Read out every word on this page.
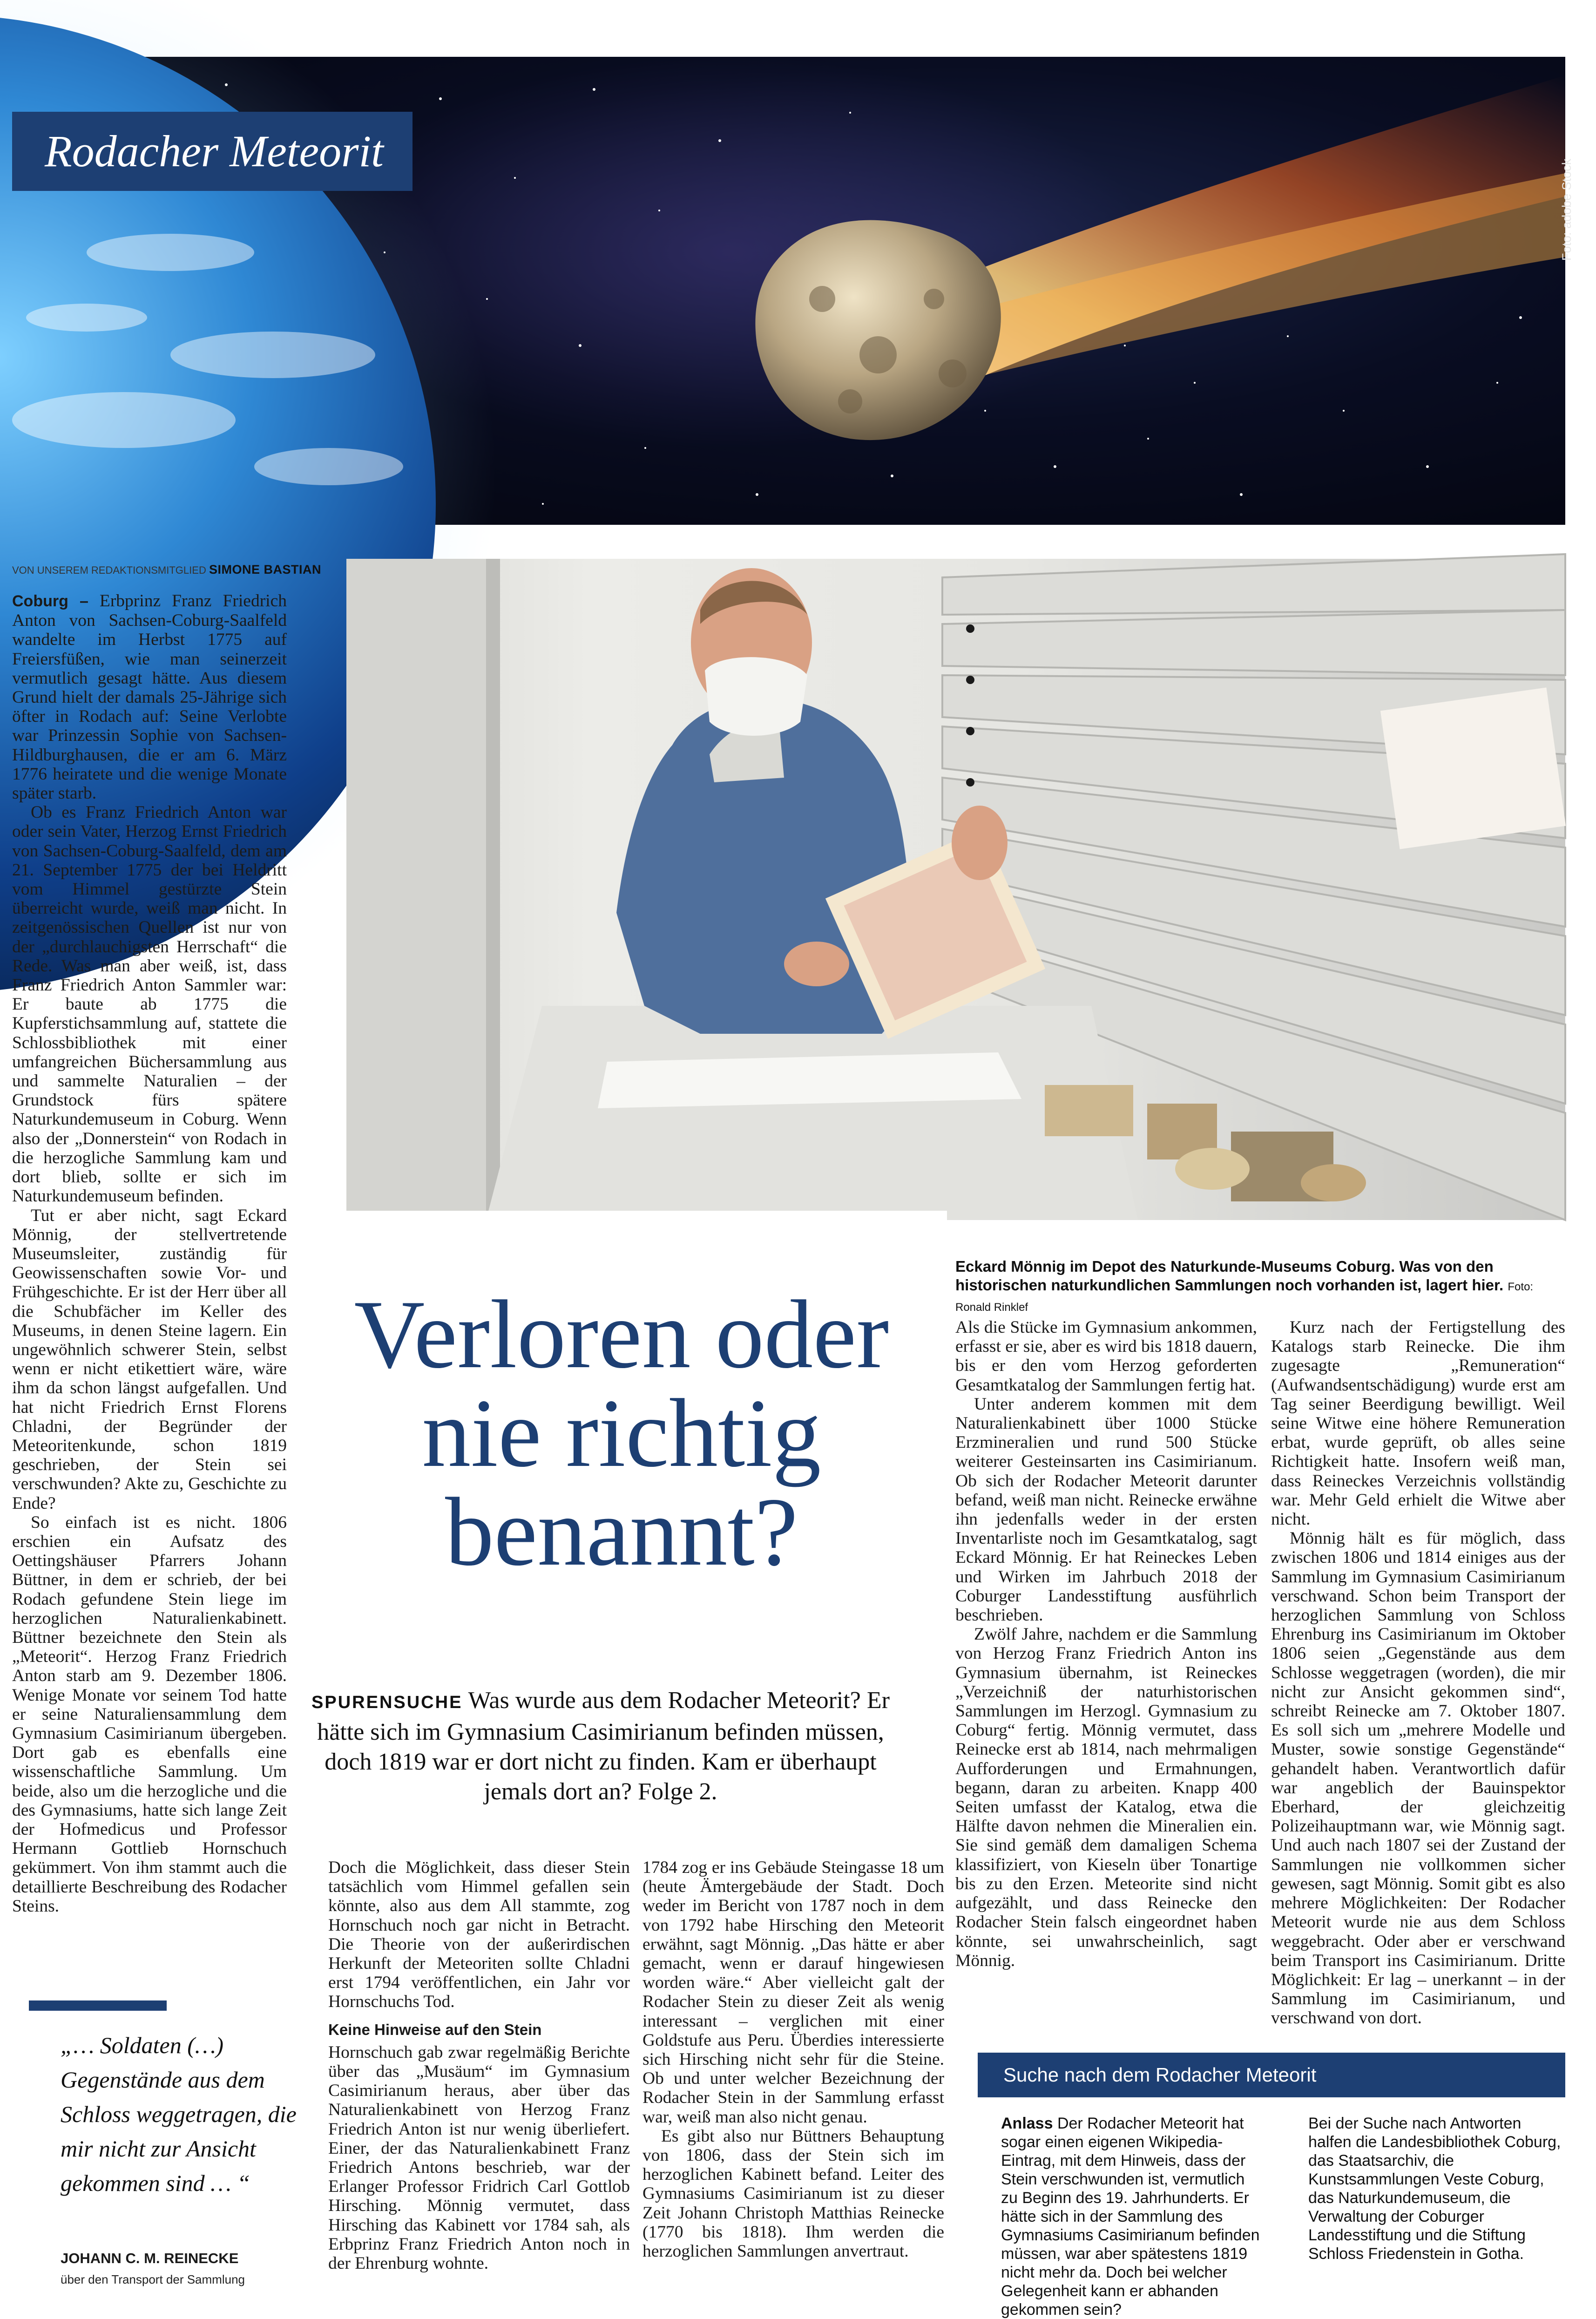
Rodacher Meteorit
Foto: adobe Stock
VON UNSEREM REDAKTIONSMITGLIED SIMONE BASTIAN

Coburg – Erbprinz Franz Friedrich Anton von Sachsen-Coburg-Saalfeld wandelte im Herbst 1775 auf Freiersfüßen, wie man seinerzeit vermutlich gesagt hätte. Aus diesem Grund hielt der damals 25-Jährige sich öfter in Rodach auf: Seine Verlobte war Prinzessin Sophie von Sachsen-Hildburghausen, die er am 6. März 1776 heiratete und die wenige Monate später starb.

Ob es Franz Friedrich Anton war oder sein Vater, Herzog Ernst Friedrich von Sachsen-Coburg-Saalfeld, dem am 21. September 1775 der bei Heldritt vom Himmel gestürzte Stein überreicht wurde, weiß man nicht. In zeitgenössischen Quellen ist nur von der „durchlauchigsten Herrschaft“ die Rede. Was man aber weiß, ist, dass Franz Friedrich Anton Sammler war: Er baute ab 1775 die Kupferstichsammlung auf, stattete die Schlossbibliothek mit einer umfangreichen Büchersammlung aus und sammelte Naturalien – der Grundstock fürs spätere Naturkundemuseum in Coburg. Wenn also der „Donnerstein“ von Rodach in die herzogliche Sammlung kam und dort blieb, sollte er sich im Naturkundemuseum befinden.

Tut er aber nicht, sagt Eckard Mönnig, der stellvertretende Museumsleiter, zuständig für Geowissenschaften sowie Vor- und Frühgeschichte. Er ist der Herr über all die Schubfächer im Keller des Museums, in denen Steine lagern. Ein ungewöhnlich schwerer Stein, selbst wenn er nicht etikettiert wäre, wäre ihm da schon längst aufgefallen. Und hat nicht Friedrich Ernst Florens Chladni, der Begründer der Meteoritenkunde, schon 1819 geschrieben, der Stein sei verschwunden? Akte zu, Geschichte zu Ende?

So einfach ist es nicht. 1806 erschien ein Aufsatz des Oettingshäuser Pfarrers Johann Büttner, in dem er schrieb, der bei Rodach gefundene Stein liege im herzoglichen Naturalienkabinett. Büttner bezeichnete den Stein als „Meteorit“. Herzog Franz Friedrich Anton starb am 9. Dezember 1806. Wenige Monate vor seinem Tod hatte er seine Naturaliensammlung dem Gymnasium Casimirianum übergeben. Dort gab es ebenfalls eine wissenschaftliche Sammlung. Um beide, also um die herzogliche und die des Gymnasiums, hatte sich lange Zeit der Hofmedicus und Professor Hermann Gottlieb Hornschuch gekümmert. Von ihm stammt auch die detaillierte Beschreibung des Rodacher Steins.

Eckard Mönnig im Depot des Naturkunde-Museums Coburg. Was von den historischen naturkundlichen Sammlungen noch vorhanden ist, lagert hier. Foto: Ronald Rinklef
Verloren oder nie richtig benannt?
SPURENSUCHE Was wurde aus dem Rodacher Meteorit? Er hätte sich im Gymnasium Casimirianum befinden müssen, doch 1819 war er dort nicht zu finden. Kam er überhaupt jemals dort an? Folge 2.

Doch die Möglichkeit, dass dieser Stein tatsächlich vom Himmel gefallen sein könnte, also aus dem All stammte, zog Hornschuch noch gar nicht in Betracht. Die Theorie von der außerirdischen Herkunft der Meteoriten sollte Chladni erst 1794 veröffentlichen, ein Jahr vor Hornschuchs Tod.

Keine Hinweise auf den Stein

Hornschuch gab zwar regelmäßig Berichte über das „Musäum“ im Gymnasium Casimirianum heraus, aber über das Naturalienkabinett von Herzog Franz Friedrich Anton ist nur wenig überliefert. Einer, der das Naturalienkabinett Franz Friedrich Antons beschrieb, war der Erlanger Professor Fridrich Carl Gottlob Hirsching. Mönnig vermutet, dass Hirsching das Kabinett vor 1784 sah, als Erbprinz Franz Friedrich Anton noch in der Ehrenburg wohnte.

1784 zog er ins Gebäude Steingasse 18 um (heute Ämtergebäude der Stadt. Doch weder im Bericht von 1787 noch in dem von 1792 habe Hirsching den Meteorit erwähnt, sagt Mönnig. „Das hätte er aber gemacht, wenn er darauf hingewiesen worden wäre.“ Aber vielleicht galt der Rodacher Stein zu dieser Zeit als wenig interessant – verglichen mit einer Goldstufe aus Peru. Überdies interessierte sich Hirsching nicht sehr für die Steine. Ob und unter welcher Bezeichnung der Rodacher Stein in der Sammlung erfasst war, weiß man also nicht genau.

Es gibt also nur Büttners Behauptung von 1806, dass der Stein sich im herzoglichen Kabinett befand. Leiter des Gymnasiums Casimirianum ist zu dieser Zeit Johann Christoph Matthias Reinecke (1770 bis 1818). Ihm werden die herzoglichen Sammlungen anvertraut.

Als die Stücke im Gymnasium ankommen, erfasst er sie, aber es wird bis 1818 dauern, bis er den vom Herzog geforderten Gesamtkatalog der Sammlungen fertig hat.

Unter anderem kommen mit dem Naturalienkabinett über 1000 Stücke Erzmineralien und rund 500 Stücke weiterer Gesteinsarten ins Casimirianum. Ob sich der Rodacher Meteorit darunter befand, weiß man nicht. Reinecke erwähne ihn jedenfalls weder in der ersten Inventarliste noch im Gesamtkatalog, sagt Eckard Mönnig. Er hat Reineckes Leben und Wirken im Jahrbuch 2018 der Coburger Landesstiftung ausführlich beschrieben.

Zwölf Jahre, nachdem er die Sammlung von Herzog Franz Friedrich Anton ins Gymnasium übernahm, ist Reineckes „Verzeichniß der naturhistorischen Sammlungen im Herzogl. Gymnasium zu Coburg“ fertig. Mönnig vermutet, dass Reinecke erst ab 1814, nach mehrmaligen Aufforderungen und Ermahnungen, begann, daran zu arbeiten. Knapp 400 Seiten umfasst der Katalog, etwa die Hälfte davon nehmen die Mineralien ein. Sie sind gemäß dem damaligen Schema klassifiziert, von Kieseln über Tonartige bis zu den Erzen. Meteorite sind nicht aufgezählt, und dass Reinecke den Rodacher Stein falsch eingeordnet haben könnte, sei unwahrscheinlich, sagt Mönnig.

Kurz nach der Fertigstellung des Katalogs starb Reinecke. Die ihm zugesagte „Remuneration“ (Aufwandsentschädigung) wurde erst am Tag seiner Beerdigung bewilligt. Weil seine Witwe eine höhere Remuneration erbat, wurde geprüft, ob alles seine Richtigkeit hatte. Insofern weiß man, dass Reineckes Verzeichnis vollständig war. Mehr Geld erhielt die Witwe aber nicht.

Mönnig hält es für möglich, dass zwischen 1806 und 1814 einiges aus der Sammlung im Gymnasium Casimirianum verschwand. Schon beim Transport der herzoglichen Sammlung von Schloss Ehrenburg ins Casimirianum im Oktober 1806 seien „Gegenstände aus dem Schlosse weggetragen (worden), die mir nicht zur Ansicht gekommen sind“, schreibt Reinecke am 7. Oktober 1807. Es soll sich um „mehrere Modelle und Muster, sowie sonstige Gegenstände“ gehandelt haben. Verantwortlich dafür war angeblich der Bauinspektor Eberhard, der gleichzeitig Polizeihauptmann war, wie Mönnig sagt. Und auch nach 1807 sei der Zustand der Sammlungen nie vollkommen sicher gewesen, sagt Mönnig. Somit gibt es also mehrere Möglichkeiten: Der Rodacher Meteorit wurde nie aus dem Schloss weggebracht. Oder aber er verschwand beim Transport ins Casimirianum. Dritte Möglichkeit: Er lag – unerkannt – in der Sammlung im Casimirianum, und verschwand von dort.

„… Soldaten (…) Gegenstände aus dem Schloss weggetragen, die mir nicht zur Ansicht gekommen sind … “
JOHANN C. M. REINECKE
über den Transport der Sammlung
Suche nach dem Rodacher Meteorit
Anlass Der Rodacher Meteorit hat sogar einen eigenen Wikipedia-Eintrag, mit dem Hinweis, dass der Stein verschwunden ist, vermutlich zu Beginn des 19. Jahrhunderts. Er hätte sich in der Sammlung des Gymnasiums Casimirianum befinden müssen, war aber spätestens 1819 nicht mehr da. Doch bei welcher Gelegenheit kann er abhanden gekommen sein?
Bei der Suche nach Antworten halfen die Landesbibliothek Coburg, das Staatsarchiv, die Kunstsammlungen Veste Coburg, das Naturkundemuseum, die Verwaltung der Coburger Landesstiftung und die Stiftung Schloss Friedenstein in Gotha.
